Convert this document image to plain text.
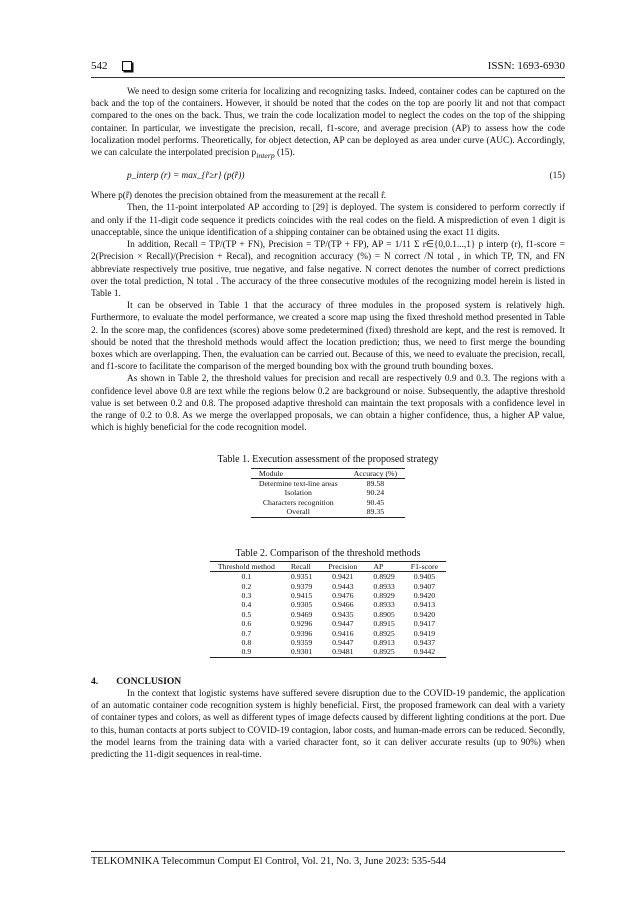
542	ISSN: 1693-6930

We need to design some criteria for localizing and recognizing tasks. Indeed, container codes can be captured on the back and the top of the containers. However, it should be noted that the codes on the top are poorly lit and not that compact compared to the ones on the back. Thus, we train the code localization model to neglect the codes on the top of the shipping container. In particular, we investigate the precision, recall, f1-score, and average precision (AP) to assess how the code localization model performs. Theoretically, for object detection, AP can be deployed as area under curve (AUC). Accordingly, we can calculate the interpolated precision $p_{interp}$ (15).

p_interp (r) = max_{r̂≥r} (p(r̂))	(15)

Where p(r̂) denotes the precision obtained from the measurement at the recall r̂.

Then, the 11-point interpolated AP according to [29] is deployed. The system is considered to perform correctly if and only if the 11-digit code sequence it predicts coincides with the real codes on the field. A misprediction of even 1 digit is unacceptable, since the unique identification of a shipping container can be obtained using the exact 11 digits.

In addition, Recall = TP/(TP + FN), Precision = TP/(TP + FP), AP = 1/11 Σ r∈{0,0.1...,1} p interp (r), f1-score = 2(Precision × Recall)/(Precision + Recal), and recognition accuracy (%) = N correct /N total , in which TP, TN, and FN abbreviate respectively true positive, true negative, and false negative. N correct denotes the number of correct predictions over the total prediction, N total . The accuracy of the three consecutive modules of the recognizing model herein is listed in Table 1.

It can be observed in Table 1 that the accuracy of three modules in the proposed system is relatively high. Furthermore, to evaluate the model performance, we created a score map using the fixed threshold method presented in Table 2. In the score map, the confidences (scores) above some predetermined (fixed) threshold are kept, and the rest is removed. It should be noted that the threshold methods would affect the location prediction; thus, we need to first merge the bounding boxes which are overlapping. Then, the evaluation can be carried out. Because of this, we need to evaluate the precision, recall, and f1-score to facilitate the comparison of the merged bounding box with the ground truth bounding boxes.

As shown in Table 2, the threshold values for precision and recall are respectively 0.9 and 0.3. The regions with a confidence level above 0.8 are text while the regions below 0.2 are background or noise. Subsequently, the adaptive threshold value is set between 0.2 and 0.8. The proposed adaptive threshold can maintain the text proposals with a confidence level in the range of 0.2 to 0.8. As we merge the overlapped proposals, we can obtain a higher confidence, thus, a higher AP value, which is highly beneficial for the code recognition model.

Table 1. Execution assessment of the proposed strategy
Module	Accuracy (%)
Determine text-line areas	89.58
Isolation	90.24
Characters recognition	90.45
Overall	89.35
Table 2. Comparison of the threshold methods
Threshold method	Recall	Precision	AP	F1-score
0.1	0.9351	0.9421	0.8929	0.9405
0.2	0.9379	0.9443	0.8933	0.9407
0.3	0.9415	0.9476	0.8929	0.9420
0.4	0.9305	0.9466	0.8933	0.9413
0.5	0.9469	0.9435	0.8905	0.9420
0.6	0.9296	0.9447	0.8915	0.9417
0.7	0.9396	0.9416	0.8925	0.9419
0.8	0.9359	0.9447	0.8913	0.9437
0.9	0.9301	0.9481	0.8925	0.9442
4. CONCLUSION

In the context that logistic systems have suffered severe disruption due to the COVID-19 pandemic, the application of an automatic container code recognition system is highly beneficial. First, the proposed framework can deal with a variety of container types and colors, as well as different types of image defects caused by different lighting conditions at the port. Due to this, human contacts at ports subject to COVID-19 contagion, labor costs, and human-made errors can be reduced. Secondly, the model learns from the training data with a varied character font, so it can deliver accurate results (up to 90%) when predicting the 11-digit sequences in real-time.

TELKOMNIKA Telecommun Comput El Control, Vol. 21, No. 3, June 2023: 535-544
